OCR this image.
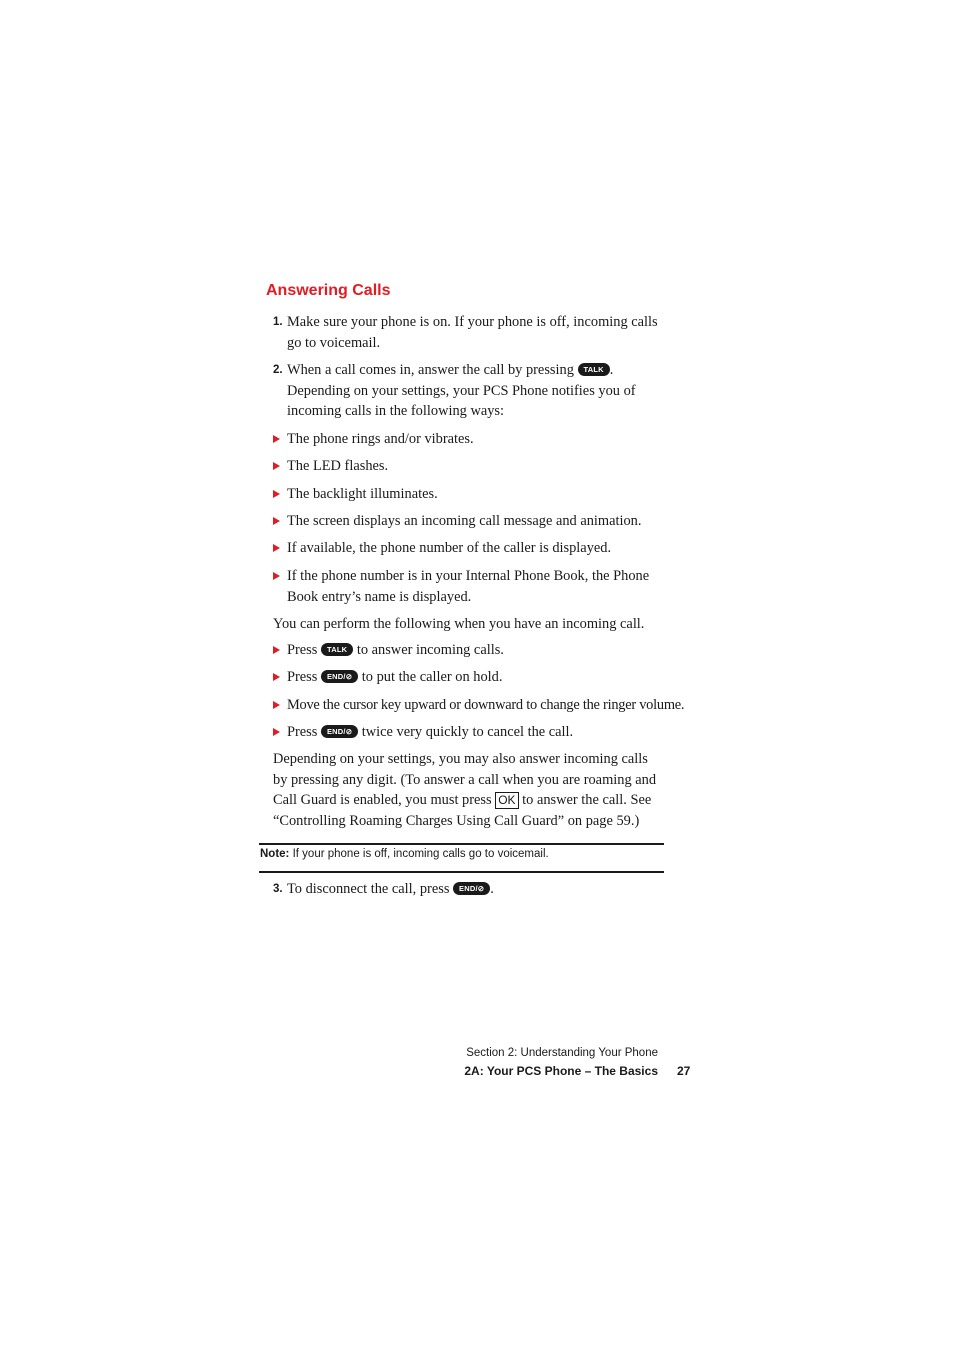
Answering Calls
1. Make sure your phone is on. If your phone is off, incoming calls go to voicemail.
2. When a call comes in, answer the call by pressing TALK . Depending on your settings, your PCS Phone notifies you of incoming calls in the following ways:
The phone rings and/or vibrates.
The LED flashes.
The backlight illuminates.
The screen displays an incoming call message and animation.
If available, the phone number of the caller is displayed.
If the phone number is in your Internal Phone Book, the Phone Book entry’s name is displayed.
You can perform the following when you have an incoming call.
Press TALK to answer incoming calls.
Press END/⊘ to put the caller on hold.
Move the cursor key upward or downward to change the ringer volume.
Press END/⊘ twice very quickly to cancel the call.
Depending on your settings, you may also answer incoming calls by pressing any digit. (To answer a call when you are roaming and Call Guard is enabled, you must press OK to answer the call. See “Controlling Roaming Charges Using Call Guard” on page 59.)
Note: If your phone is off, incoming calls go to voicemail.
3. To disconnect the call, press END/⊘ .
Section 2: Understanding Your Phone
2A: Your PCS Phone – The Basics 27
